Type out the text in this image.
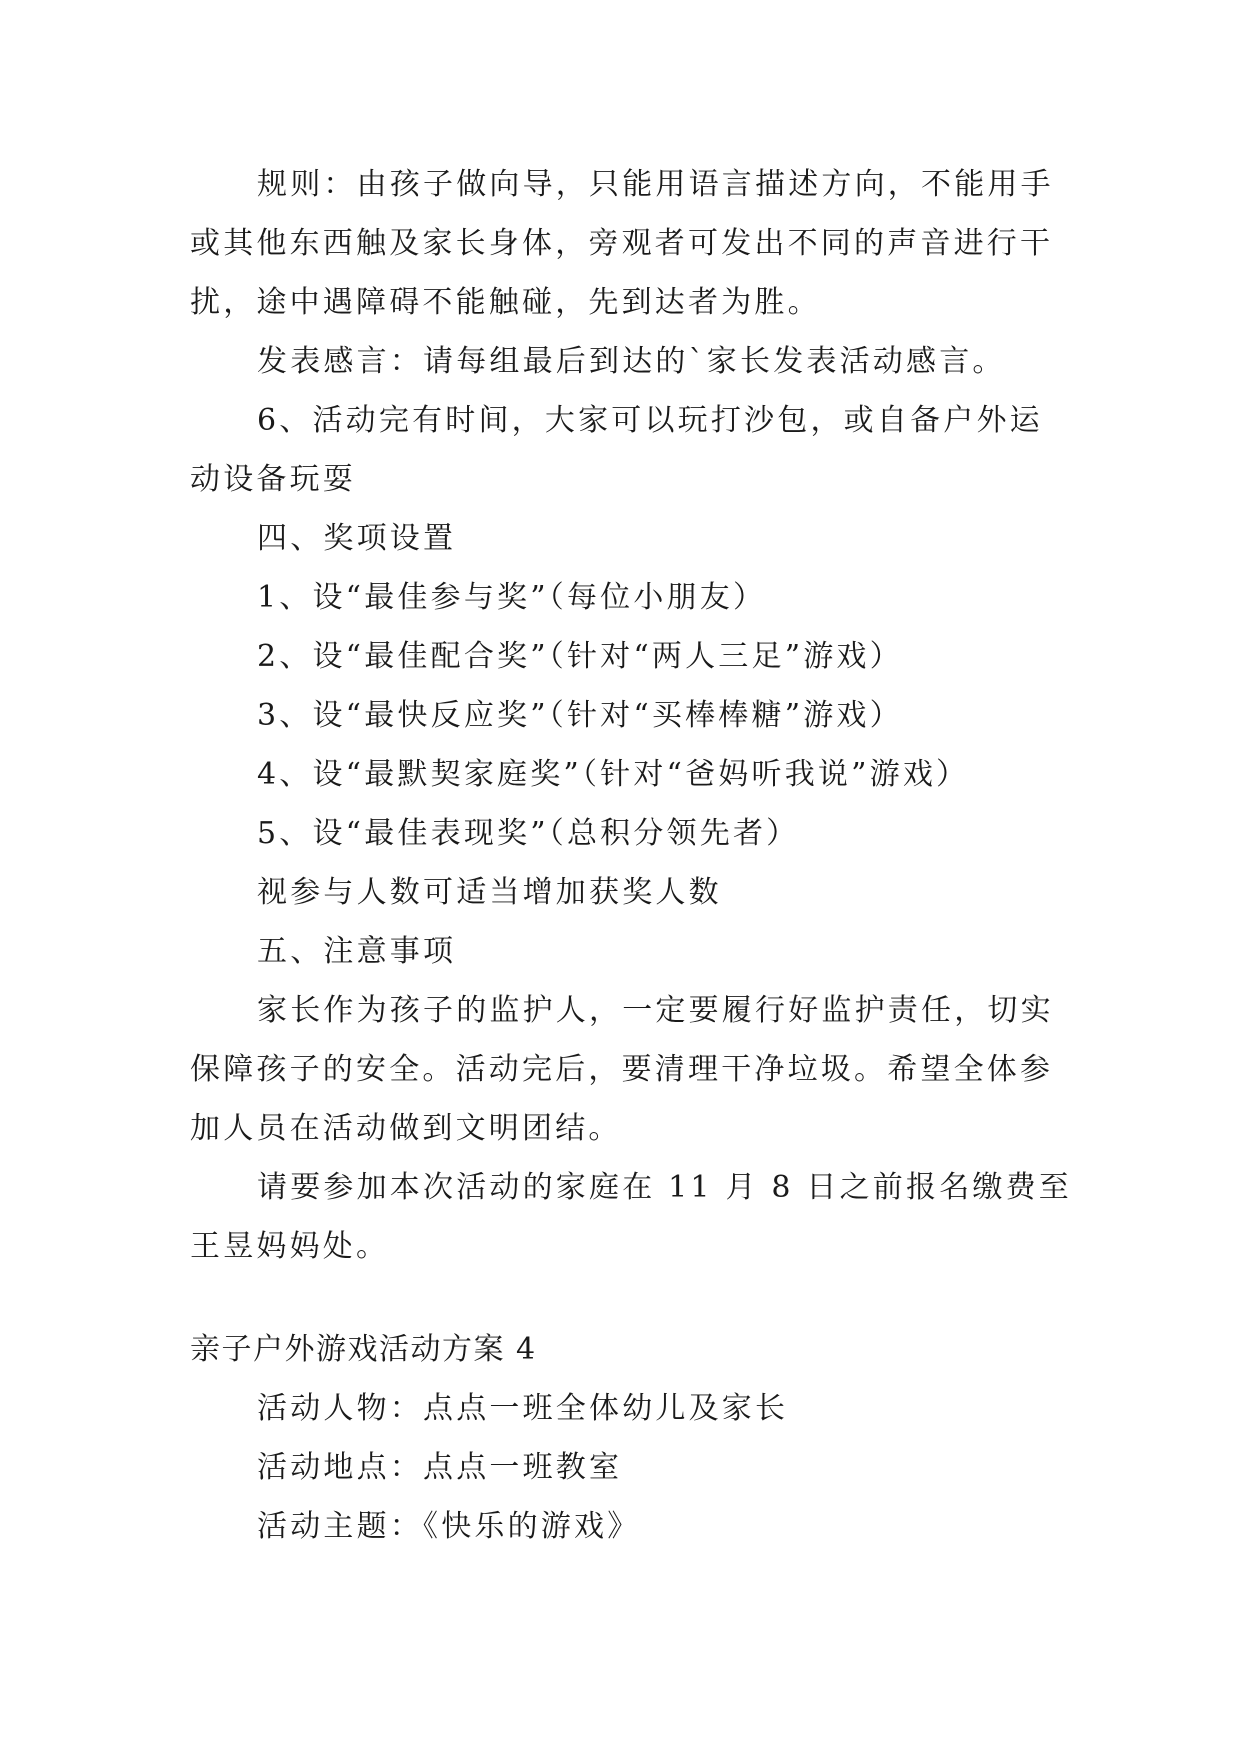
规则：由孩子做向导，只能用语言描述方向，不能用手
或其他东西触及家长身体，旁观者可发出不同的声音进行干
扰，途中遇障碍不能触碰，先到达者为胜。
发表感言：请每组最后到达的`家长发表活动感言。
6、活动完有时间，大家可以玩打沙包，或自备户外运
动设备玩耍
四、奖项设置
1、设“最佳参与奖”（每位小朋友）
2、设“最佳配合奖”（针对“两人三足”游戏）
3、设“最快反应奖”（针对“买棒棒糖”游戏）
4、设“最默契家庭奖”（针对“爸妈听我说”游戏）
5、设“最佳表现奖”（总积分领先者）
视参与人数可适当增加获奖人数
五、注意事项
家长作为孩子的监护人，一定要履行好监护责任，切实
保障孩子的安全。活动完后，要清理干净垃圾。希望全体参
加人员在活动做到文明团结。
请要参加本次活动的家庭在 11 月 8 日之前报名缴费至
王昱妈妈处。
亲子户外游戏活动方案 4
活动人物：点点一班全体幼儿及家长
活动地点：点点一班教室
活动主题：《快乐的游戏》
